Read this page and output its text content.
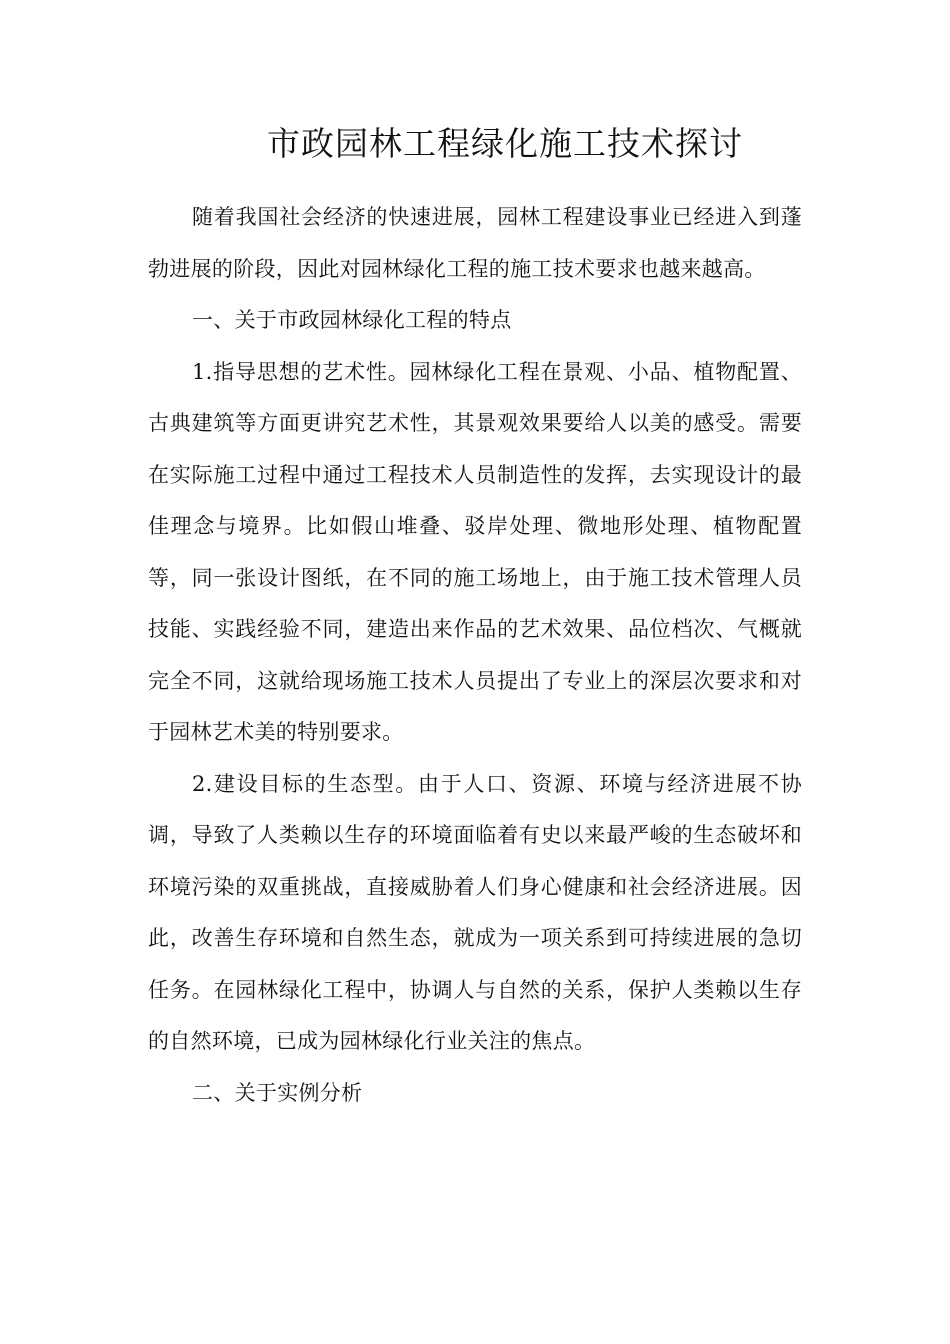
市政园林工程绿化施工技术探讨

随着我国社会经济的快速进展，园林工程建设事业已经进入到蓬勃进展的阶段，因此对园林绿化工程的施工技术要求也越来越高。

一、关于市政园林绿化工程的特点

1.指导思想的艺术性。园林绿化工程在景观、小品、植物配置、古典建筑等方面更讲究艺术性，其景观效果要给人以美的感受。需要在实际施工过程中通过工程技术人员制造性的发挥，去实现设计的最佳理念与境界。比如假山堆叠、驳岸处理、微地形处理、植物配置等，同一张设计图纸，在不同的施工场地上，由于施工技术管理人员技能、实践经验不同，建造出来作品的艺术效果、品位档次、气概就完全不同，这就给现场施工技术人员提出了专业上的深层次要求和对于园林艺术美的特别要求。

2.建设目标的生态型。由于人口、资源、环境与经济进展不协调，导致了人类赖以生存的环境面临着有史以来最严峻的生态破坏和环境污染的双重挑战，直接威胁着人们身心健康和社会经济进展。因此，改善生存环境和自然生态，就成为一项关系到可持续进展的急切任务。在园林绿化工程中，协调人与自然的关系，保护人类赖以生存的自然环境，已成为园林绿化行业关注的焦点。

二、关于实例分析
